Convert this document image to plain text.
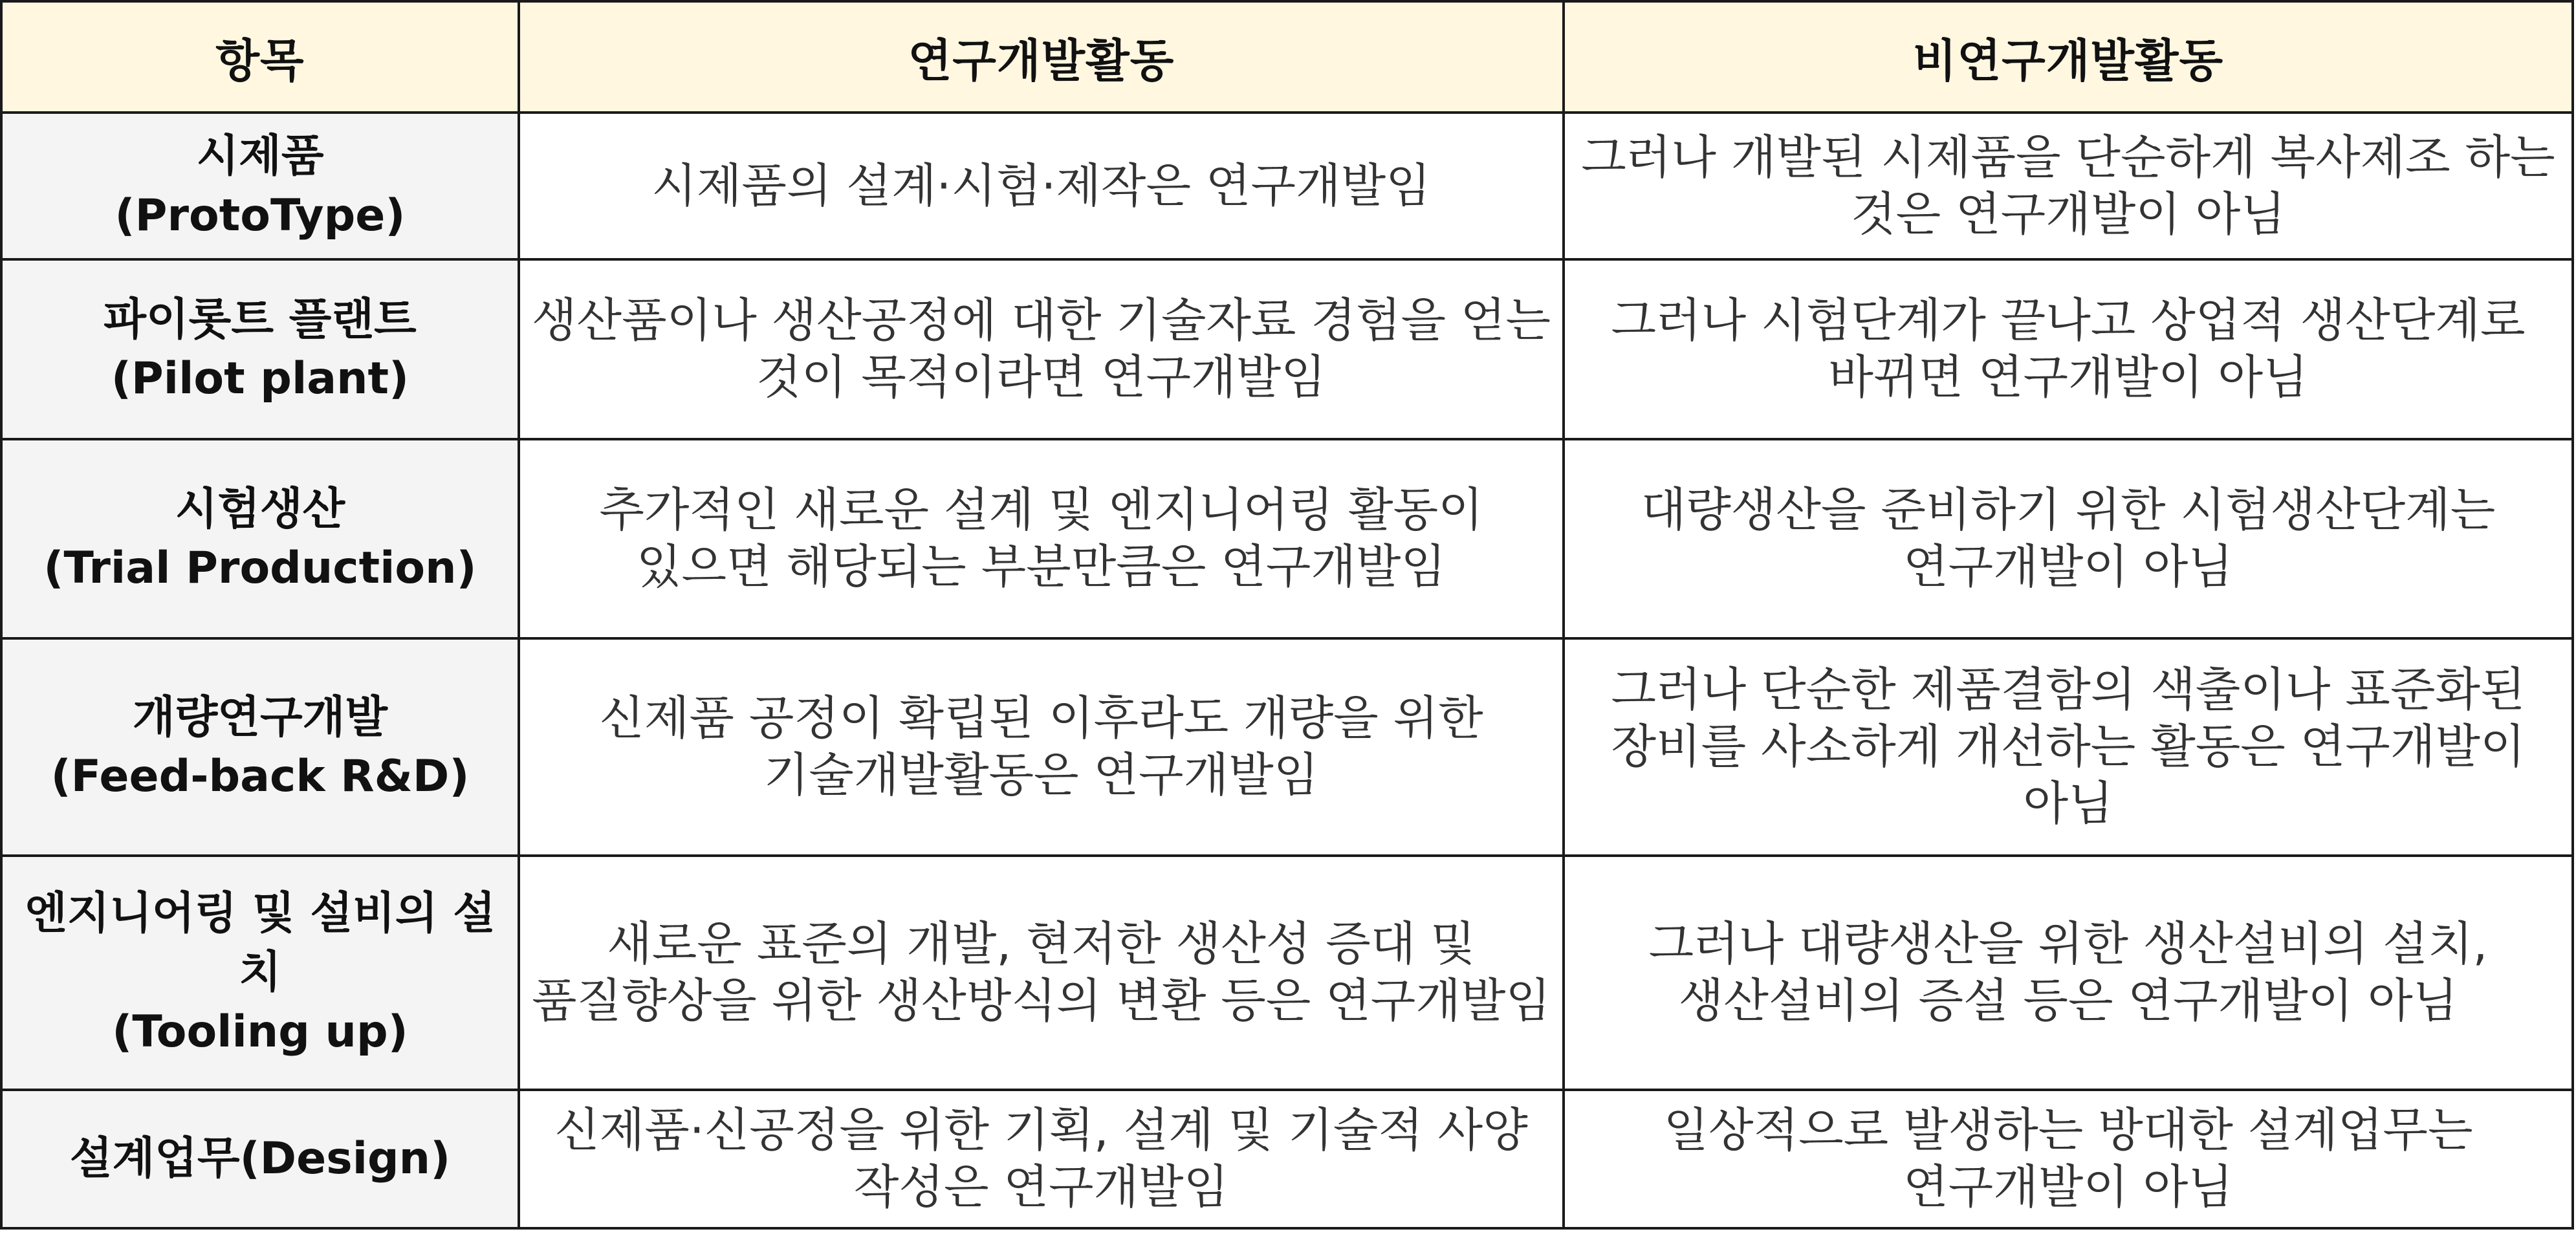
항목	연구개발활동	비연구개발활동

시제품
(ProtoType)	시제품의 설계·시험·제작은 연구개발임	그러나 개발된 시제품을 단순하게 복사제조 하는 것은 연구개발이 아님

파이롯트 플랜트
(Pilot plant)	생산품이나 생산공정에 대한 기술자료 경험을 얻는 것이 목적이라면 연구개발임	그러나 시험단계가 끝나고 상업적 생산단계로 바뀌면 연구개발이 아님

시험생산
(Trial Production)	추가적인 새로운 설계 및 엔지니어링 활동이 있으면 해당되는 부분만큼은 연구개발임	대량생산을 준비하기 위한 시험생산단계는 연구개발이 아님

개량연구개발
(Feed-back R&D)	신제품 공정이 확립된 이후라도 개량을 위한 기술개발활동은 연구개발임	그러나 단순한 제품결함의 색출이나 표준화된 장비를 사소하게 개선하는 활동은 연구개발이 아님

엔지니어링 및 설비의 설치
(Tooling up)	새로운 표준의 개발, 현저한 생산성 증대 및 품질향상을 위한 생산방식의 변환 등은 연구개발임	그러나 대량생산을 위한 생산설비의 설치, 생산설비의 증설 등은 연구개발이 아님

설계업무(Design)	신제품·신공정을 위한 기획, 설계 및 기술적 사양 작성은 연구개발임	일상적으로 발생하는 방대한 설계업무는 연구개발이 아님
